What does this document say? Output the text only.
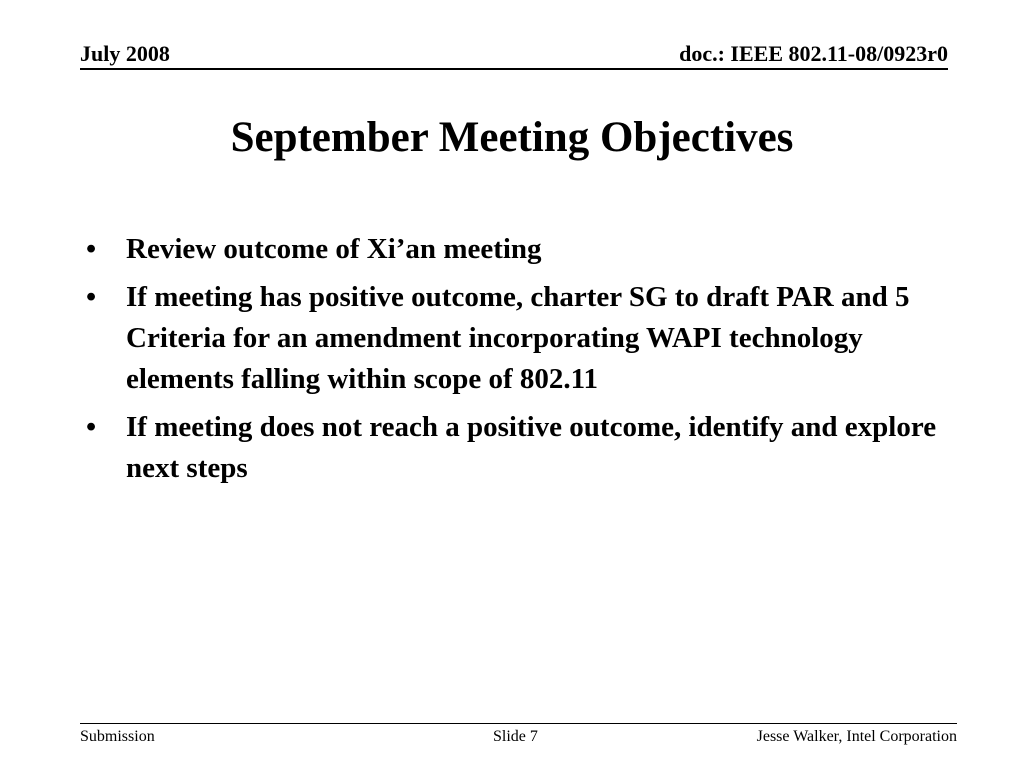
July 2008	doc.: IEEE 802.11-08/0923r0
September Meeting Objectives
• Review outcome of Xi’an meeting
• If meeting has positive outcome, charter SG to draft PAR and 5 Criteria for an amendment incorporating WAPI technology elements falling within scope of 802.11
• If meeting does not reach a positive outcome, identify and explore next steps
Submission	Slide 7	Jesse Walker, Intel Corporation
